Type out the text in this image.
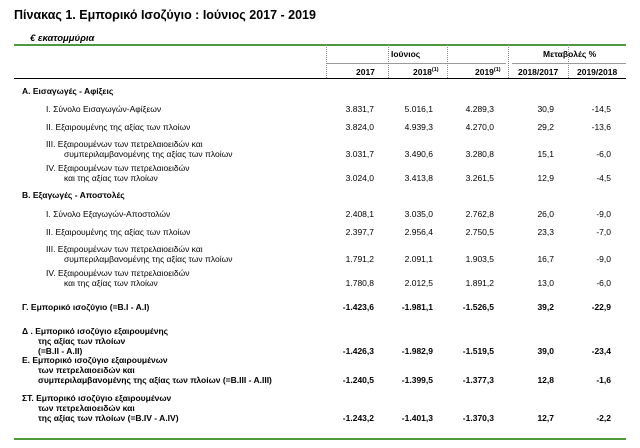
Πίνακας 1. Εμπορικό Ισοζύγιο : Ιούνιος 2017 - 2019
€ εκατομμύρια
Ιούνιος	Μεταβολές %
2017	2018$^{(1)}$	2019$^{(1)}$ 2018/2017 2019/2018
Α. Εισαγωγές - Αφίξεις
Ι. Σύνολο Εισαγωγών-Αφίξεων	3.831,7	5.016,1	4.289,3	30,9	-14,5
ΙΙ. Εξαιρουμένης της αξίας των πλοίων	3.824,0	4.939,3	4.270,0	29,2	-13,6
ΙΙΙ. Εξαιρουμένων των πετρελαιοειδών και
συμπεριλαμβανομένης της αξίας των πλοίων	3.031,7	3.490,6	3.280,8	15,1	-6,0
IV. Εξαιρουμένων των πετρελαιοειδών
και της αξίας των πλοίων	3.024,0	3.413,8	3.261,5	12,9	-4,5
Β. Εξαγωγές - Αποστολές
Ι. Σύνολο Εξαγωγών-Αποστολών	2.408,1	3.035,0	2.762,8	26,0	-9,0
ΙΙ. Εξαιρουμένης της αξίας των πλοίων	2.397,7	2.956,4	2.750,5	23,3	-7,0
ΙΙΙ. Εξαιρουμένων των πετρελαιοειδών και
συμπεριλαμβανομένης της αξίας των πλοίων	1.791,2	2.091,1	1.903,5	16,7	-9,0
IV. Εξαιρουμένων των πετρελαιοειδών
και της αξίας των πλοίων	1.780,8	2.012,5	1.891,2	13,0	-6,0
Γ. Εμπορικό ισοζύγιο (=B.I - A.I)	-1.423,6	-1.981,1	-1.526,5	39,2	-22,9
Δ . Εμπορικό ισοζύγιο εξαιρουμένης
της αξίας των πλοίων
(=B.II - A.II)	-1.426,3	-1.982,9	-1.519,5	39,0	-23,4
Ε. Εμπορικό ισοζύγιο εξαιρουμένων
των πετρελαιοειδών και
συμπεριλαμβανομένης της αξίας των πλοίων (=B.III - A.III)	-1.240,5	-1.399,5	-1.377,3	12,8	-1,6
ΣΤ. Εμπορικό ισοζύγιο εξαιρουμένων
των πετρελαιοειδών και
της αξίας των πλοίων (=B.IV - A.IV)	-1.243,2	-1.401,3	-1.370,3	12,7	-2,2
